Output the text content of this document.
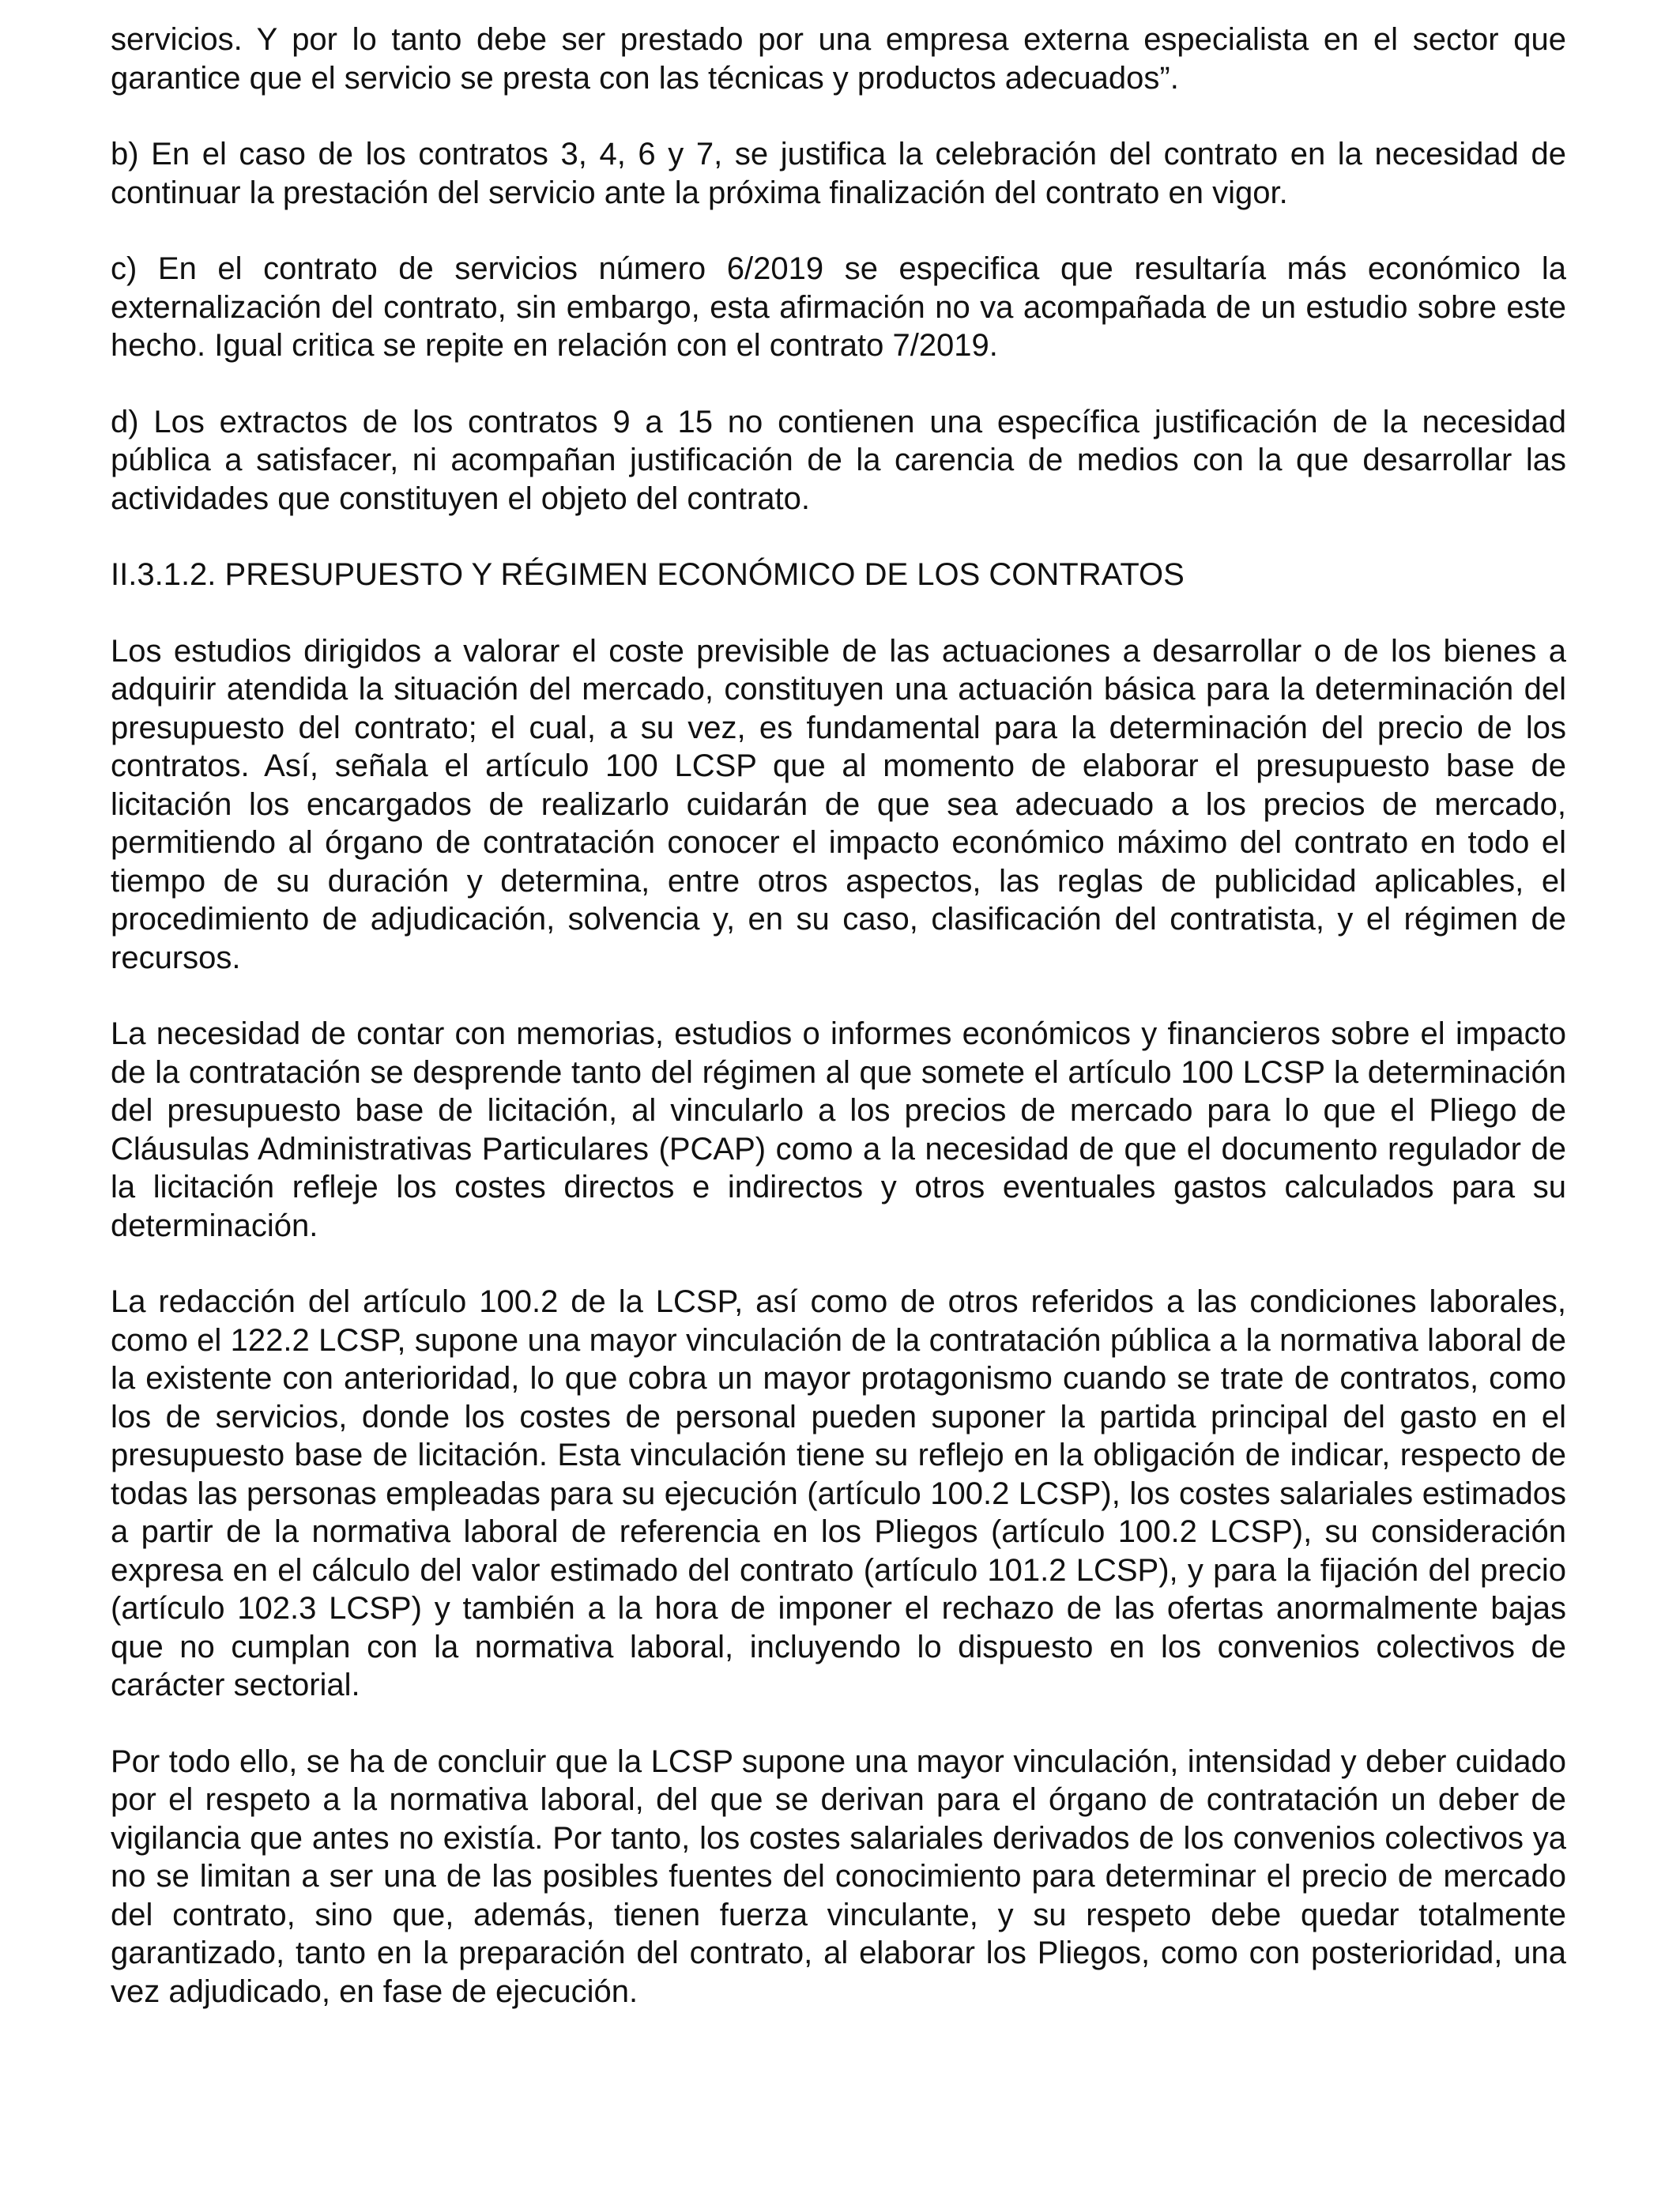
servicios. Y por lo tanto debe ser prestado por una empresa externa especialista en el sector que garantice que el servicio se presta con las técnicas y productos adecuados”.

b) En el caso de los contratos 3, 4, 6 y 7, se justifica la celebración del contrato en la necesidad de continuar la prestación del servicio ante la próxima finalización del contrato en vigor.

c) En el contrato de servicios número 6/2019 se especifica que resultaría más económico la externalización del contrato, sin embargo, esta afirmación no va acompañada de un estudio sobre este hecho. Igual critica se repite en relación con el contrato 7/2019.

d) Los extractos de los contratos 9 a 15 no contienen una específica justificación de la necesidad pública a satisfacer, ni acompañan justificación de la carencia de medios con la que desarrollar las actividades que constituyen el objeto del contrato.

II.3.1.2. PRESUPUESTO Y RÉGIMEN ECONÓMICO DE LOS CONTRATOS

Los estudios dirigidos a valorar el coste previsible de las actuaciones a desarrollar o de los bienes a adquirir atendida la situación del mercado, constituyen una actuación básica para la determinación del presupuesto del contrato; el cual, a su vez, es fundamental para la determinación del precio de los contratos. Así, señala el artículo 100 LCSP que al momento de elaborar el presupuesto base de licitación los encargados de realizarlo cuidarán de que sea adecuado a los precios de mercado, permitiendo al órgano de contratación conocer el impacto económico máximo del contrato en todo el tiempo de su duración y determina, entre otros aspectos, las reglas de publicidad aplicables, el procedimiento de adjudicación, solvencia y, en su caso, clasificación del contratista, y el régimen de recursos.

La necesidad de contar con memorias, estudios o informes económicos y financieros sobre el impacto de la contratación se desprende tanto del régimen al que somete el artículo 100 LCSP la determinación del presupuesto base de licitación, al vincularlo a los precios de mercado para lo que el Pliego de Cláusulas Administrativas Particulares (PCAP) como a la necesidad de que el documento regulador de la licitación refleje los costes directos e indirectos y otros eventuales gastos calculados para su determinación.

La redacción del artículo 100.2 de la LCSP, así como de otros referidos a las condiciones laborales, como el 122.2 LCSP, supone una mayor vinculación de la contratación pública a la normativa laboral de la existente con anterioridad, lo que cobra un mayor protagonismo cuando se trate de contratos, como los de servicios, donde los costes de personal pueden suponer la partida principal del gasto en el presupuesto base de licitación. Esta vinculación tiene su reflejo en la obligación de indicar, respecto de todas las personas empleadas para su ejecución (artículo 100.2 LCSP), los costes salariales estimados a partir de la normativa laboral de referencia en los Pliegos (artículo 100.2 LCSP), su consideración expresa en el cálculo del valor estimado del contrato (artículo 101.2 LCSP), y para la fijación del precio (artículo 102.3 LCSP) y también a la hora de imponer el rechazo de las ofertas anormalmente bajas que no cumplan con la normativa laboral, incluyendo lo dispuesto en los convenios colectivos de carácter sectorial.

Por todo ello, se ha de concluir que la LCSP supone una mayor vinculación, intensidad y deber cuidado por el respeto a la normativa laboral, del que se derivan para el órgano de contratación un deber de vigilancia que antes no existía. Por tanto, los costes salariales derivados de los convenios colectivos ya no se limitan a ser una de las posibles fuentes del conocimiento para determinar el precio de mercado del contrato, sino que, además, tienen fuerza vinculante, y su respeto debe quedar totalmente garantizado, tanto en la preparación del contrato, al elaborar los Pliegos, como con posterioridad, una vez adjudicado, en fase de ejecución.
